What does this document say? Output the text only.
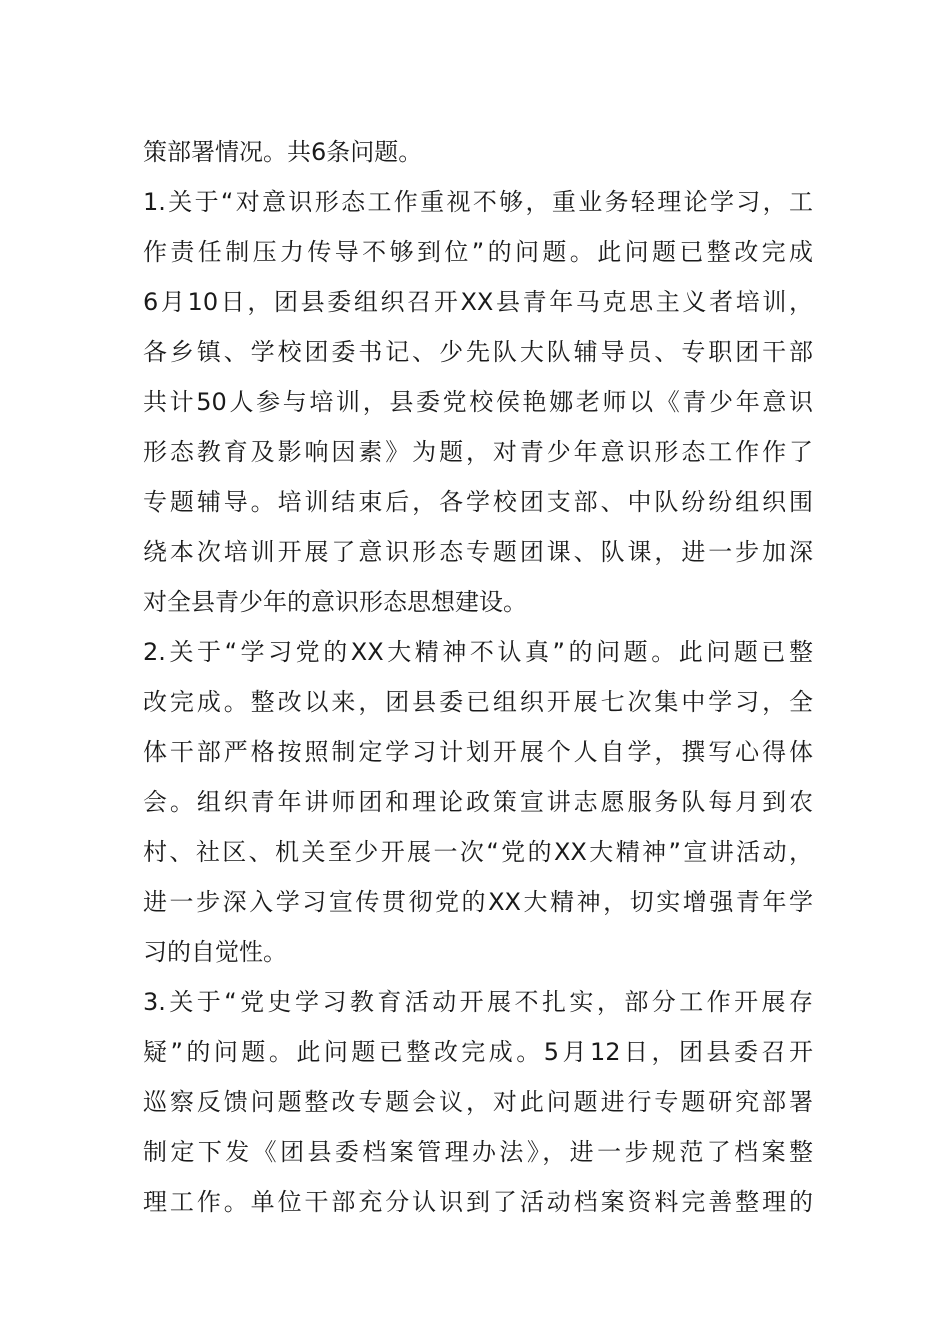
策部署情况。共6条问题。
1.关于“对意识形态工作重视不够，重业务轻理论学习，工
作责任制压力传导不够到位”的问题。此问题已整改完成
6月10日，团县委组织召开XX县青年马克思主义者培训，
各乡镇、学校团委书记、少先队大队辅导员、专职团干部
共计50人参与培训，县委党校侯艳娜老师以《青少年意识
形态教育及影响因素》为题，对青少年意识形态工作作了
专题辅导。培训结束后，各学校团支部、中队纷纷组织围
绕本次培训开展了意识形态专题团课、队课，进一步加深
对全县青少年的意识形态思想建设。
2.关于“学习党的XX大精神不认真”的问题。此问题已整
改完成。整改以来，团县委已组织开展七次集中学习，全
体干部严格按照制定学习计划开展个人自学，撰写心得体
会。组织青年讲师团和理论政策宣讲志愿服务队每月到农
村、社区、机关至少开展一次“党的XX大精神”宣讲活动，
进一步深入学习宣传贯彻党的XX大精神，切实增强青年学
习的自觉性。
3.关于“党史学习教育活动开展不扎实，部分工作开展存
疑”的问题。此问题已整改完成。5月12日，团县委召开
巡察反馈问题整改专题会议，对此问题进行专题研究部署
制定下发《团县委档案管理办法》，进一步规范了档案整
理工作。单位干部充分认识到了活动档案资料完善整理的
